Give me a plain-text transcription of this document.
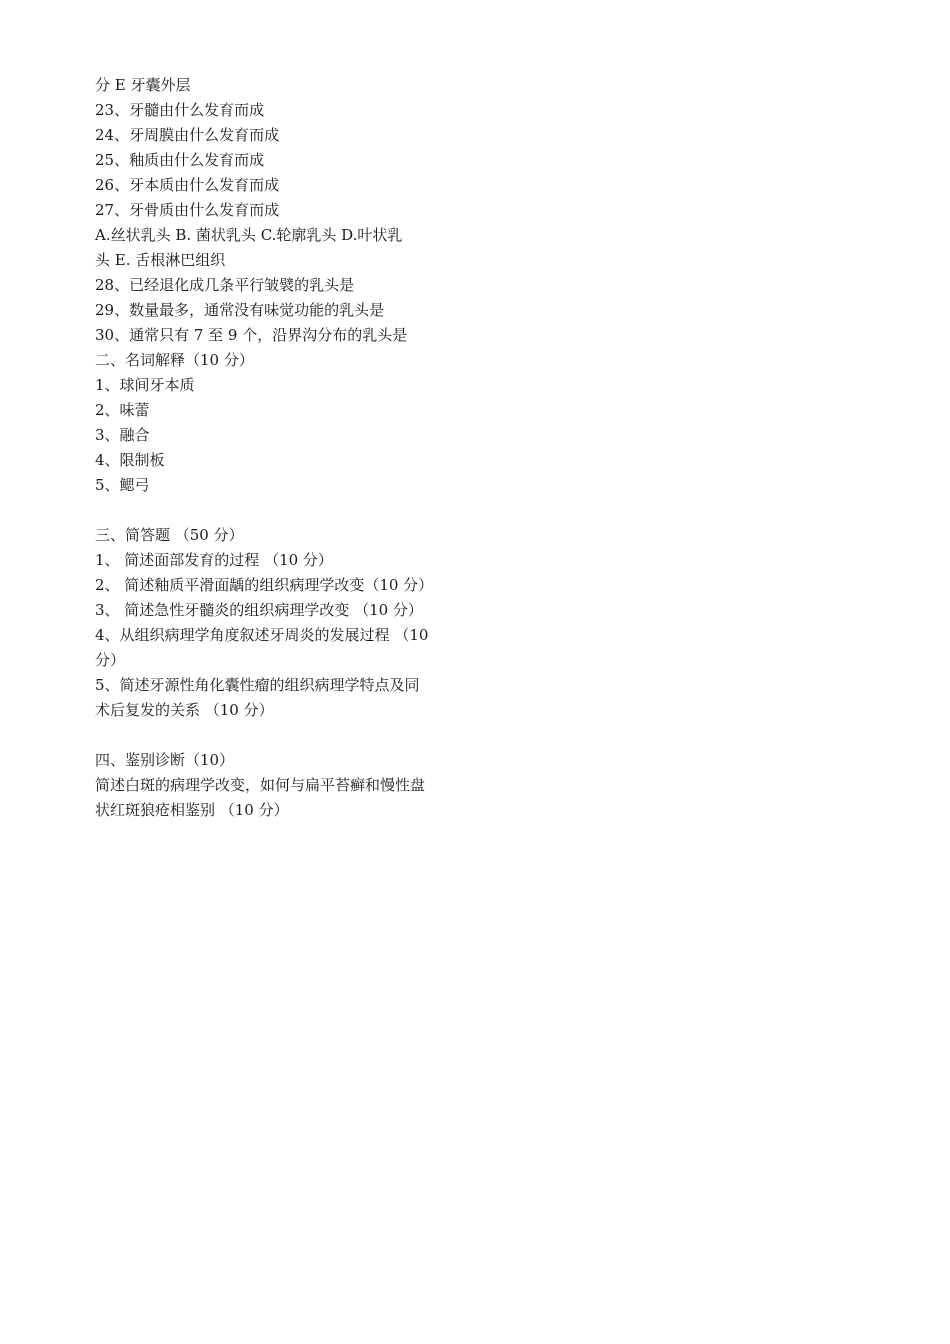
分 E 牙囊外层
23、牙髓由什么发育而成
24、牙周膜由什么发育而成
25、釉质由什么发育而成
26、牙本质由什么发育而成
27、牙骨质由什么发育而成
A.丝状乳头 B. 菌状乳头 C.轮廓乳头 D.叶状乳
头 E. 舌根淋巴组织
28、已经退化成几条平行皱襞的乳头是
29、数量最多，通常没有味觉功能的乳头是
30、通常只有 7 至 9 个，沿界沟分布的乳头是
二、名词解释（10 分）
1、球间牙本质
2、味蕾
3、融合
4、限制板
5、鳃弓
三、简答题 （50 分）
1、 简述面部发育的过程 （10 分）
2、 简述釉质平滑面龋的组织病理学改变（10 分）
3、 简述急性牙髓炎的组织病理学改变 （10 分）
4、从组织病理学角度叙述牙周炎的发展过程 （10
分）
5、简述牙源性角化囊性瘤的组织病理学特点及同
术后复发的关系 （10 分）
四、鉴别诊断（10）
简述白斑的病理学改变，如何与扁平苔癣和慢性盘
状红斑狼疮相鉴别 （10 分）
